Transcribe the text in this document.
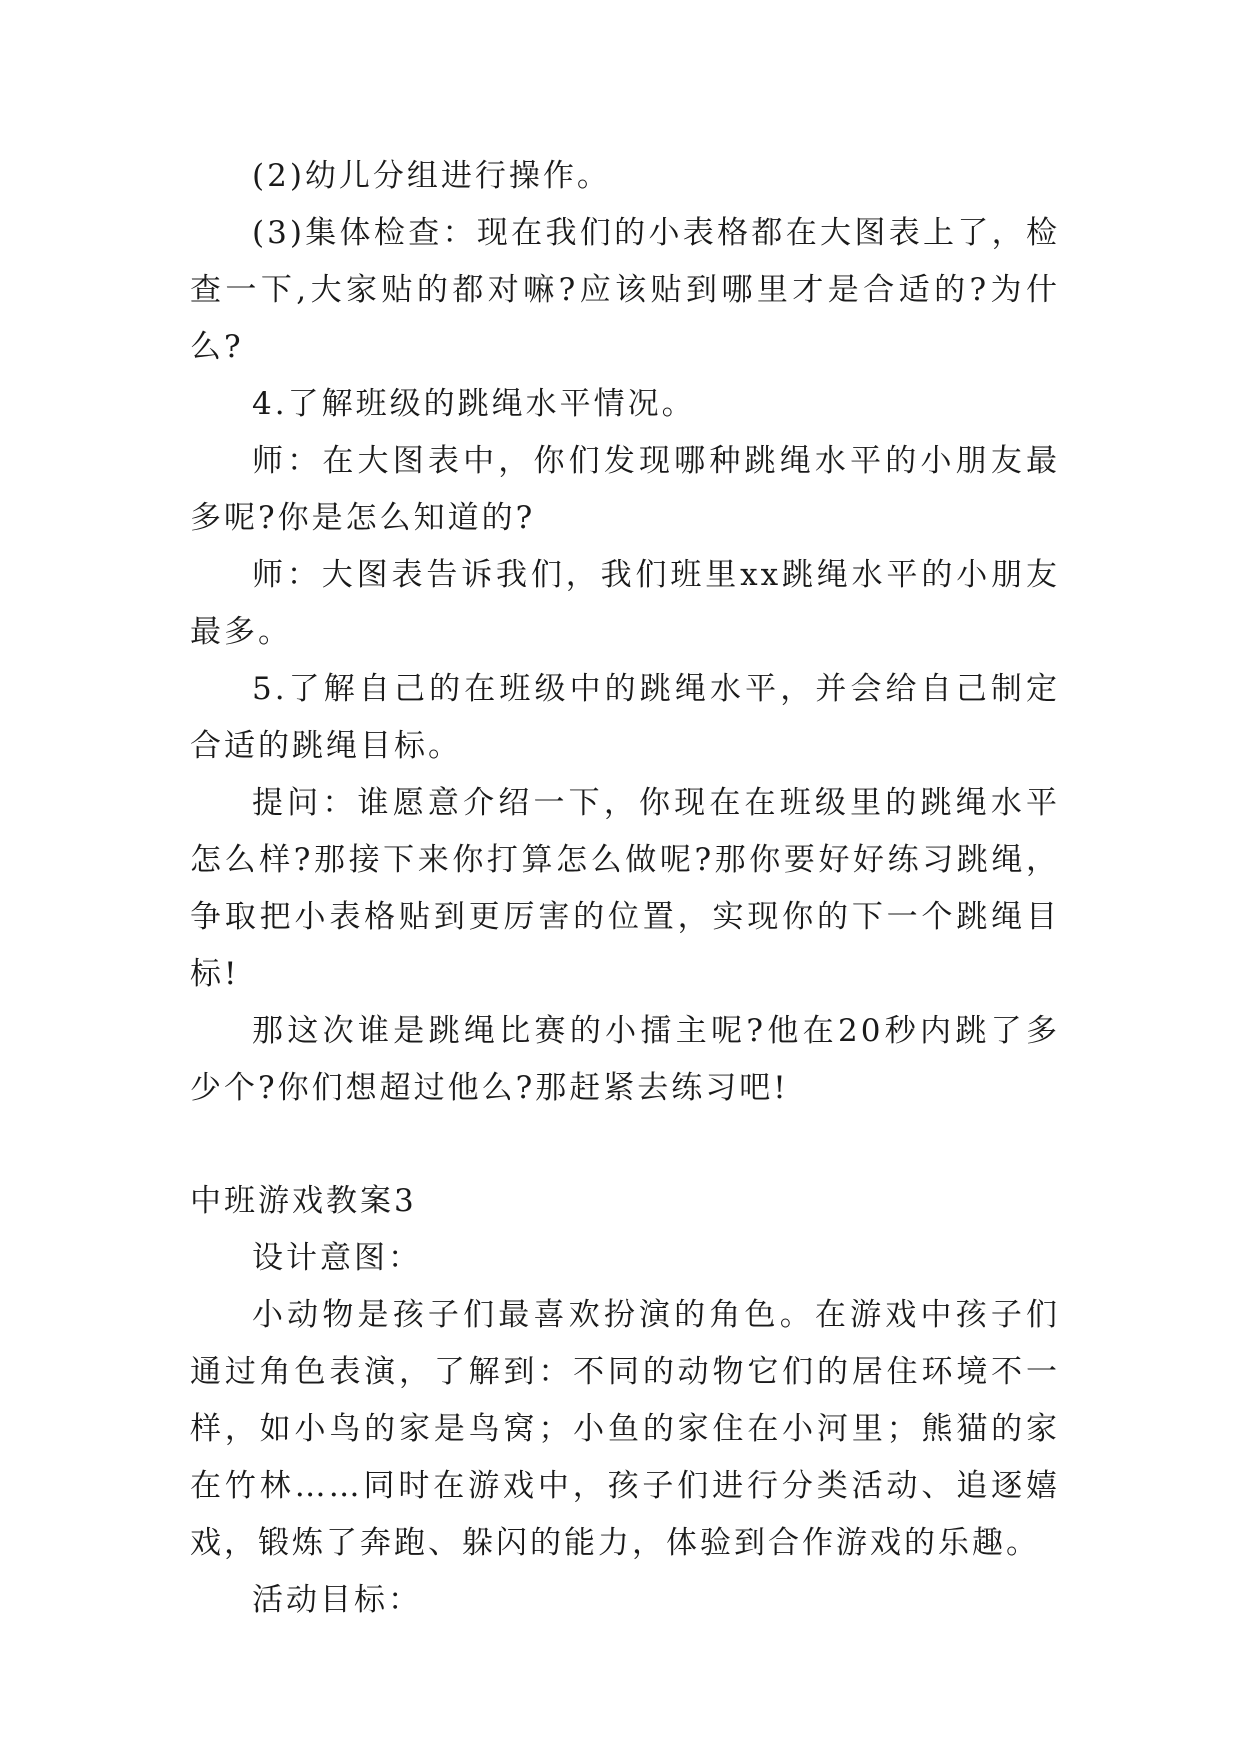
(2)幼儿分组进行操作。

(3)集体检查：现在我们的小表格都在大图表上了，检查一下,大家贴的都对嘛?应该贴到哪里才是合适的?为什么?

4.了解班级的跳绳水平情况。

师：在大图表中，你们发现哪种跳绳水平的小朋友最多呢?你是怎么知道的?

师：大图表告诉我们，我们班里xx跳绳水平的小朋友最多。

5.了解自己的在班级中的跳绳水平，并会给自己制定合适的跳绳目标。

提问：谁愿意介绍一下，你现在在班级里的跳绳水平怎么样?那接下来你打算怎么做呢?那你要好好练习跳绳，争取把小表格贴到更厉害的位置，实现你的下一个跳绳目标!

那这次谁是跳绳比赛的小擂主呢?他在20秒内跳了多少个?你们想超过他么?那赶紧去练习吧!

中班游戏教案3

设计意图：

小动物是孩子们最喜欢扮演的角色。在游戏中孩子们通过角色表演，了解到：不同的动物它们的居住环境不一样，如小鸟的家是鸟窝；小鱼的家住在小河里；熊猫的家在竹林……同时在游戏中，孩子们进行分类活动、追逐嬉戏，锻炼了奔跑、躲闪的能力，体验到合作游戏的乐趣。

活动目标：
